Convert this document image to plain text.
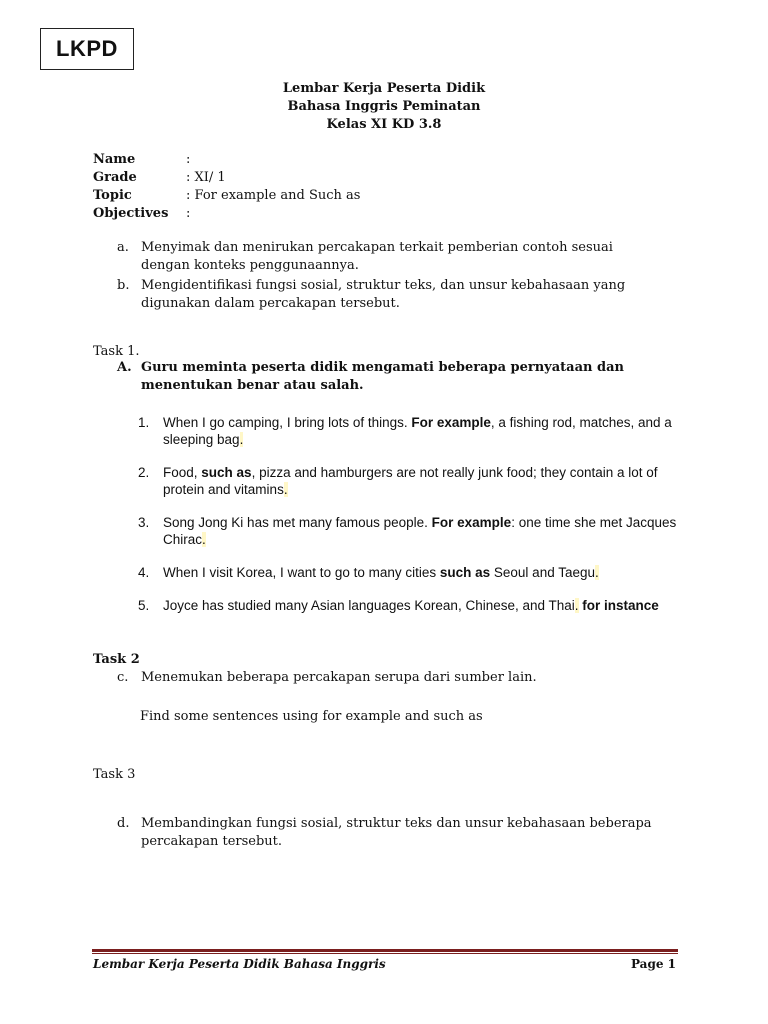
LKPD
Lembar Kerja Peserta Didik
Bahasa Inggris Peminatan
Kelas XI KD 3.8
Name	:
Grade	: XI/ 1
Topic	: For example and Such as
Objectives	:
a. Menyimak dan menirukan percakapan terkait pemberian contoh sesuai dengan konteks penggunaannya.
b. Mengidentifikasi fungsi sosial, struktur teks, dan unsur kebahasaan yang digunakan dalam percakapan tersebut.
Task 1.
A. Guru meminta peserta didik mengamati beberapa pernyataan dan
menentukan benar atau salah.
1.	When I go camping, I bring lots of things. For example, a fishing rod, matches, and a sleeping bag.
2.	Food, such as, pizza and hamburgers are not really junk food; they contain a lot of protein and vitamins.
3.	Song Jong Ki has met many famous people. For example: one time she met Jacques Chirac.
4.	When I visit Korea, I want to go to many cities such as Seoul and Taegu.
5.	Joyce has studied many Asian languages Korean, Chinese, and Thai. for instance
Task 2
c. Menemukan beberapa percakapan serupa dari sumber lain.
Find some sentences using for example and such as
Task 3
d. Membandingkan fungsi sosial, struktur teks dan unsur kebahasaan beberapa percakapan tersebut.
Lembar Kerja Peserta Didik Bahasa Inggris	Page 1
